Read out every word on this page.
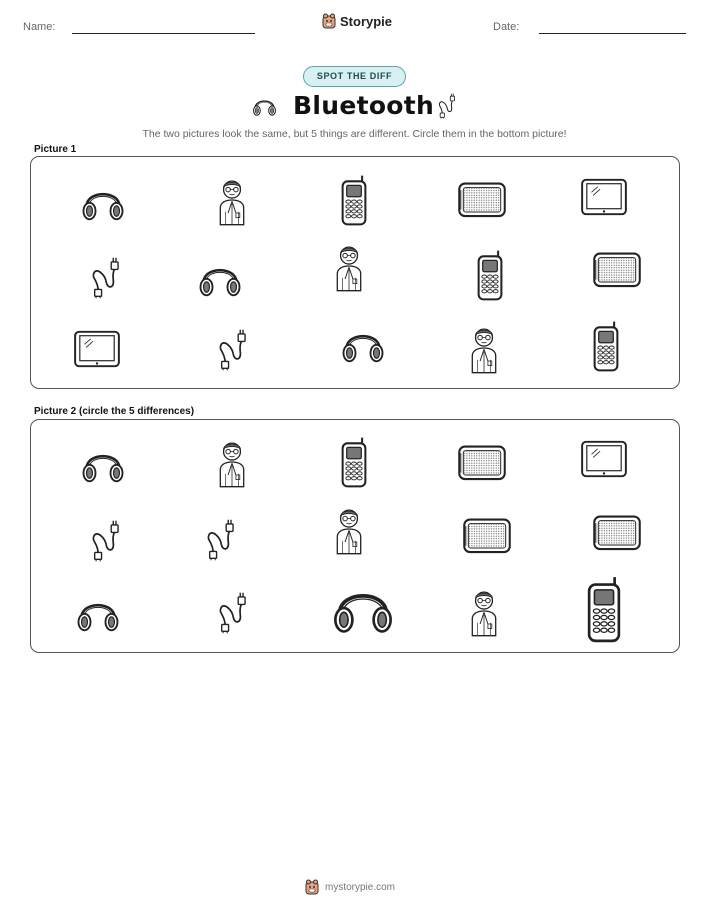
Name:	Storypie	Date:
SPOT THE DIFF
Bluetooth
The two pictures look the same, but 5 things are different. Circle them in the bottom picture!
Picture 1
Picture 2 (circle the 5 differences)
mystorypie.com
